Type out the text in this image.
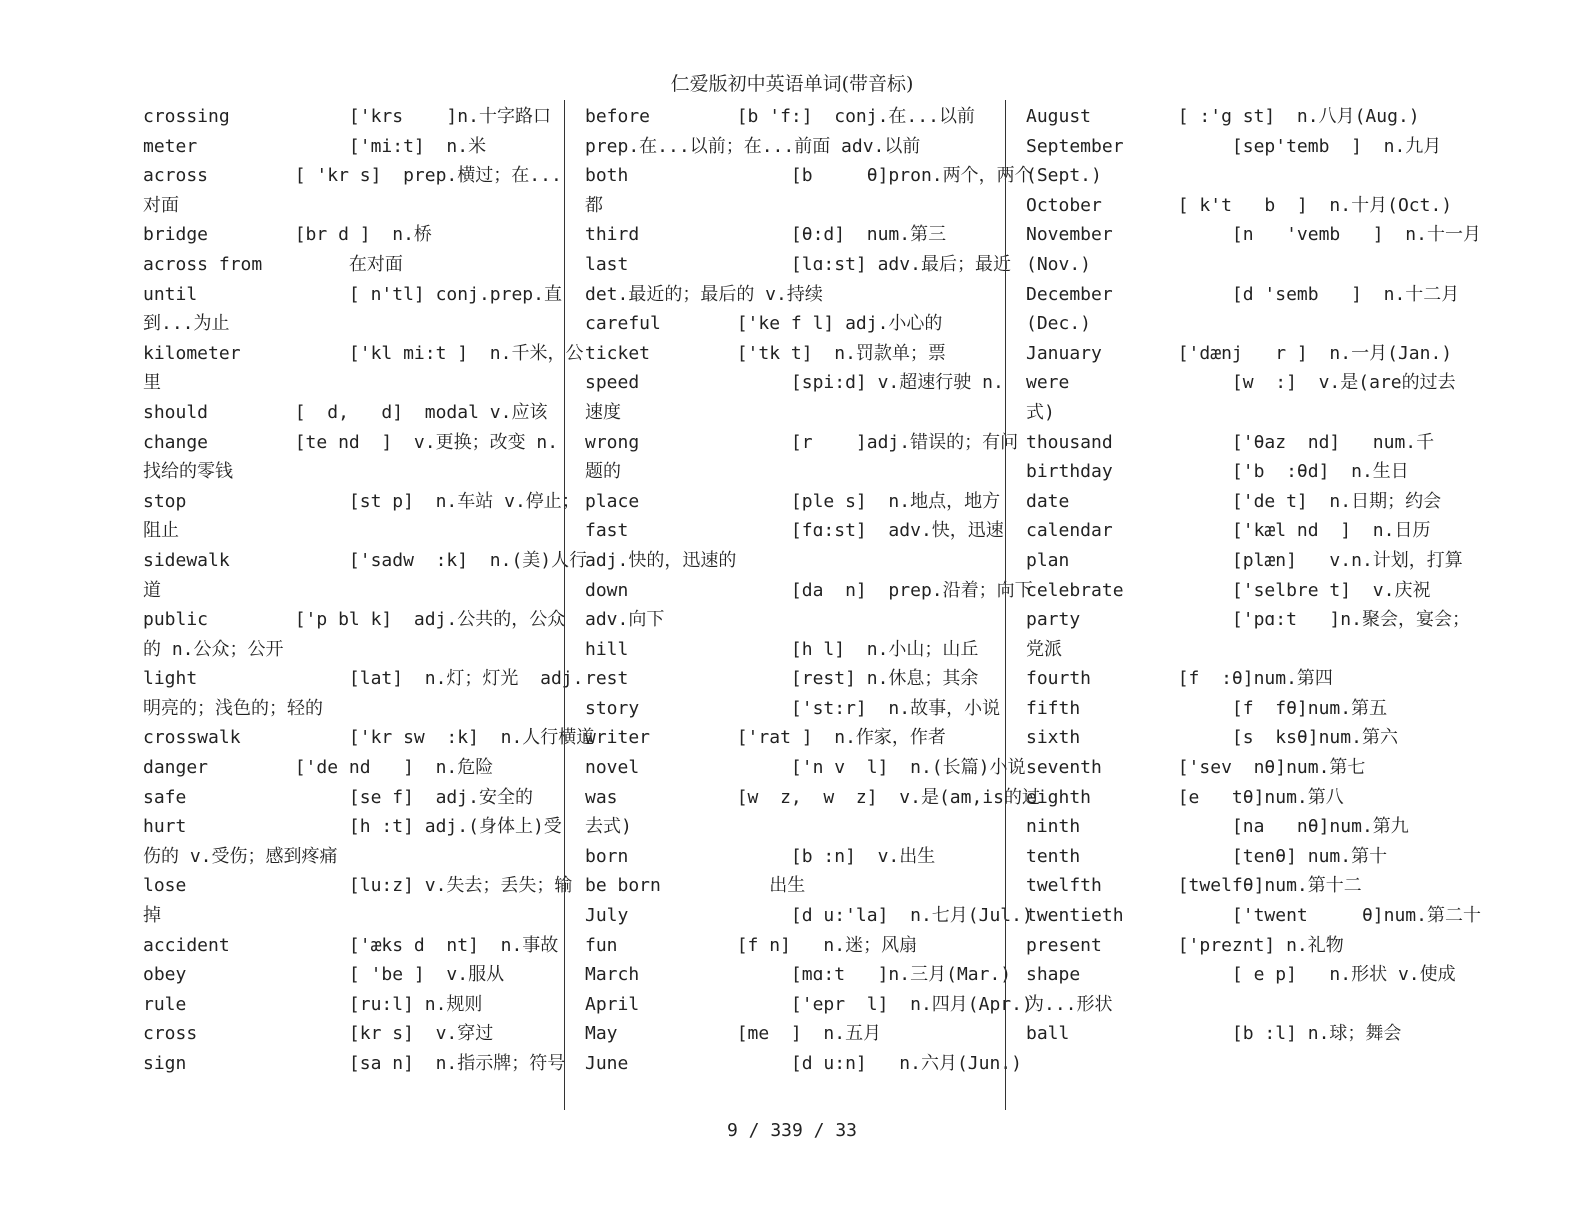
仁爱版初中英语单词(带音标)
crossing           ['krs    ]n.十字路口
meter              ['mi:t]  n.米
across        [ 'kr s]  prep.横过；在...
对面
bridge        [br d ]  n.桥
across from        在对面
until              [ n'tl] conj.prep.直
到...为止
kilometer          ['kl mi:t ]  n.千米，公
里
should        [  d,   d]  modal v.应该
change        [te nd  ]  v.更换；改变 n.
找给的零钱
stop               [st p]  n.车站 v.停止；
阻止
sidewalk           ['sadw  :k]  n.(美)人行
道
public        ['p bl k]  adj.公共的，公众
的 n.公众；公开
light              [lat]  n.灯；灯光  adj.
明亮的；浅色的；轻的
crosswalk          ['kr sw  :k]  n.人行横道
danger        ['de nd   ]  n.危险
safe               [se f]  adj.安全的
hurt               [h :t] adj.(身体上)受
伤的 v.受伤；感到疼痛
lose               [lu:z] v.失去；丢失；输
掉
accident           ['æks d  nt]  n.事故
obey               [ 'be ]  v.服从
rule               [ru:l] n.规则
cross              [kr s]  v.穿过
sign               [sa n]  n.指示牌；符号
before        [b 'f:]  conj.在...以前
prep.在...以前；在...前面 adv.以前
both               [b     θ]pron.两个，两个
都
third              [θ:d]  num.第三
last               [lɑ:st] adv.最后；最近
det.最近的；最后的 v.持续
careful       ['ke f l] adj.小心的
ticket        ['tk t]  n.罚款单；票
speed              [spi:d] v.超速行驶 n.
速度
wrong              [r    ]adj.错误的；有问
题的
place              [ple s]  n.地点，地方
fast               [fɑ:st]  adv.快，迅速
adj.快的，迅速的
down               [da  n]  prep.沿着；向下
adv.向下
hill               [h l]  n.小山；山丘
rest               [rest] n.休息；其余
story              ['st:r]  n.故事，小说
writer        ['rat ]  n.作家，作者
novel              ['n v  l]  n.(长篇)小说
was           [w  z,  w  z]  v.是(am,is的过
去式)
born               [b :n]  v.出生
be born          出生
July               [d u:'la]  n.七月(Jul.)
fun           [f n]   n.迷；风扇
March              [mɑ:t   ]n.三月(Mar.)
April              ['epr  l]  n.四月(Apr.)
May           [me  ]  n.五月
June               [d u:n]   n.六月(Jun.)
August        [ :'g st]  n.八月(Aug.)
September          [sep'temb  ]  n.九月
(Sept.)
October       [ k't   b  ]  n.十月(Oct.)
November           [n   'vemb   ]  n.十一月
(Nov.)
December           [d 'semb   ]  n.十二月
(Dec.)
January       ['dænj   r ]  n.一月(Jan.)
were               [w  :]  v.是(are的过去
式)
thousand           ['θaz  nd]   num.千
birthday           ['b  :θd]  n.生日
date               ['de t]  n.日期；约会
calendar           ['kæl nd  ]  n.日历
plan               [plæn]   v.n.计划，打算
celebrate          ['selbre t]  v.庆祝
party              ['pɑ:t   ]n.聚会，宴会；
党派
fourth        [f  :θ]num.第四
fifth              [f  fθ]num.第五
sixth              [s  ksθ]num.第六
seventh       ['sev  nθ]num.第七
eighth        [e   tθ]num.第八
ninth              [na   nθ]num.第九
tenth              [tenθ] num.第十
twelfth       [twelfθ]num.第十二
twentieth          ['twent     θ]num.第二十
present       ['preznt] n.礼物
shape              [ e p]   n.形状 v.使成
为...形状
ball               [b :l] n.球；舞会
9 / 339 / 33
